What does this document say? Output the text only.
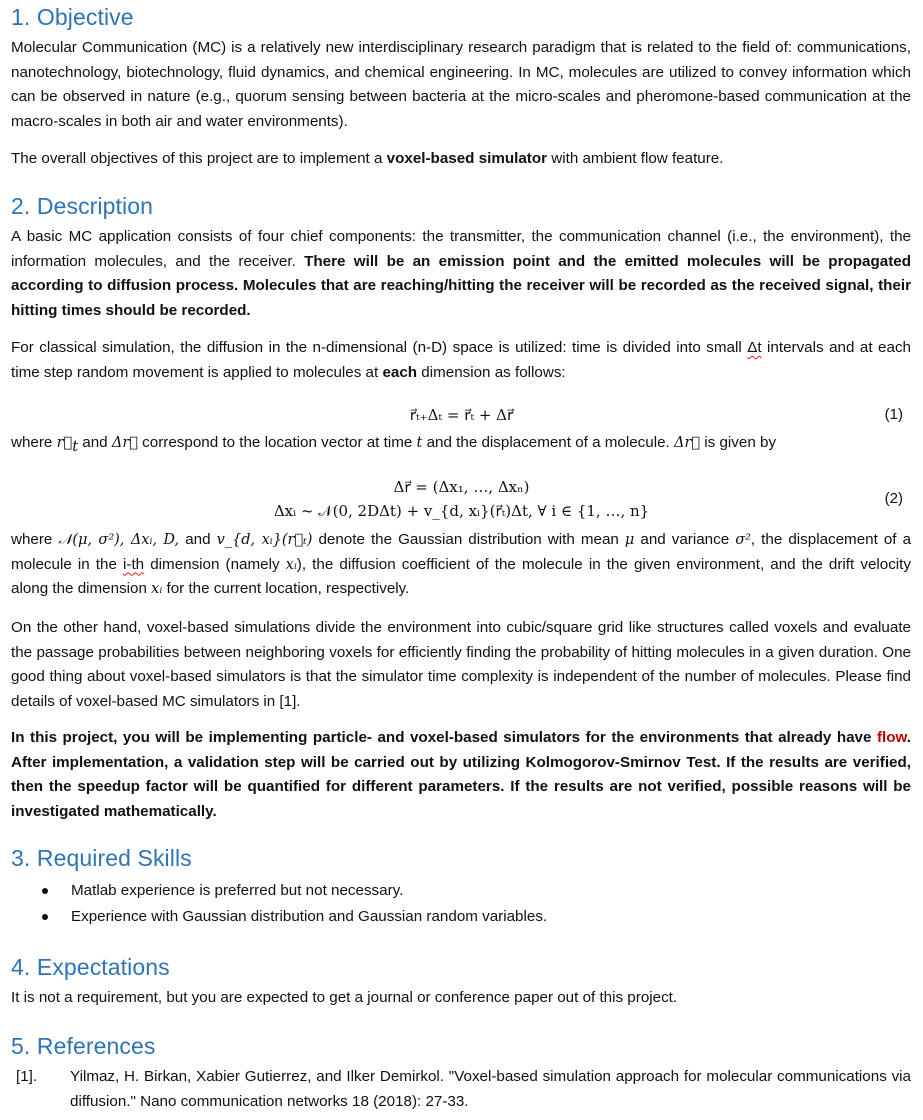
1. Objective

Molecular Communication (MC) is a relatively new interdisciplinary research paradigm that is related to the field of: communications, nanotechnology, biotechnology, fluid dynamics, and chemical engineering. In MC, molecules are utilized to convey information which can be observed in nature (e.g., quorum sensing between bacteria at the micro-scales and pheromone-based communication at the macro-scales in both air and water environments).

The overall objectives of this project are to implement a voxel-based simulator with ambient flow feature.

2. Description

A basic MC application consists of four chief components: the transmitter, the communication channel (i.e., the environment), the information molecules, and the receiver. There will be an emission point and the emitted molecules will be propagated according to diffusion process. Molecules that are reaching/hitting the receiver will be recorded as the received signal, their hitting times should be recorded.

For classical simulation, the diffusion in the n-dimensional (n-D) space is utilized: time is divided into small Δt intervals and at each time step random movement is applied to molecules at each dimension as follows:

r⃗ₜ₊Δₜ = r⃗ₜ + Δr⃗	(1)

where $r⃗_t$ and Δr⃗ correspond to the location vector at time t and the displacement of a molecule. Δr⃗ is given by

Δr⃗ = (Δx₁, …, Δxₙ)
Δxᵢ ~ 𝒩(0, 2DΔt) + v_{d, xᵢ}(r⃗ₜ)Δt, ∀ i ∈ {1, …, n}
(2)

where 𝒩(μ, σ²), Δxᵢ, D, and v_{d, xᵢ}(r⃗ₜ) denote the Gaussian distribution with mean μ and variance σ², the displacement of a molecule in the i-th dimension (namely xᵢ), the diffusion coefficient of the molecule in the given environment, and the drift velocity along the dimension xᵢ for the current location, respectively.

On the other hand, voxel-based simulations divide the environment into cubic/square grid like structures called voxels and evaluate the passage probabilities between neighboring voxels for efficiently finding the probability of hitting molecules in a given duration. One good thing about voxel-based simulators is that the simulator time complexity is independent of the number of molecules. Please find details of voxel-based MC simulators in [1].

In this project, you will be implementing particle- and voxel-based simulators for the environments that already have flow. After implementation, a validation step will be carried out by utilizing Kolmogorov-Smirnov Test. If the results are verified, then the speedup factor will be quantified for different parameters. If the results are not verified, possible reasons will be investigated mathematically.

3. Required Skills
Matlab experience is preferred but not necessary.
Experience with Gaussian distribution and Gaussian random variables.
4. Expectations

It is not a requirement, but you are expected to get a journal or conference paper out of this project.

5. References
[1]. Yilmaz, H. Birkan, Xabier Gutierrez, and Ilker Demirkol. "Voxel-based simulation approach for molecular communications via diffusion." Nano communication networks 18 (2018): 27-33.
